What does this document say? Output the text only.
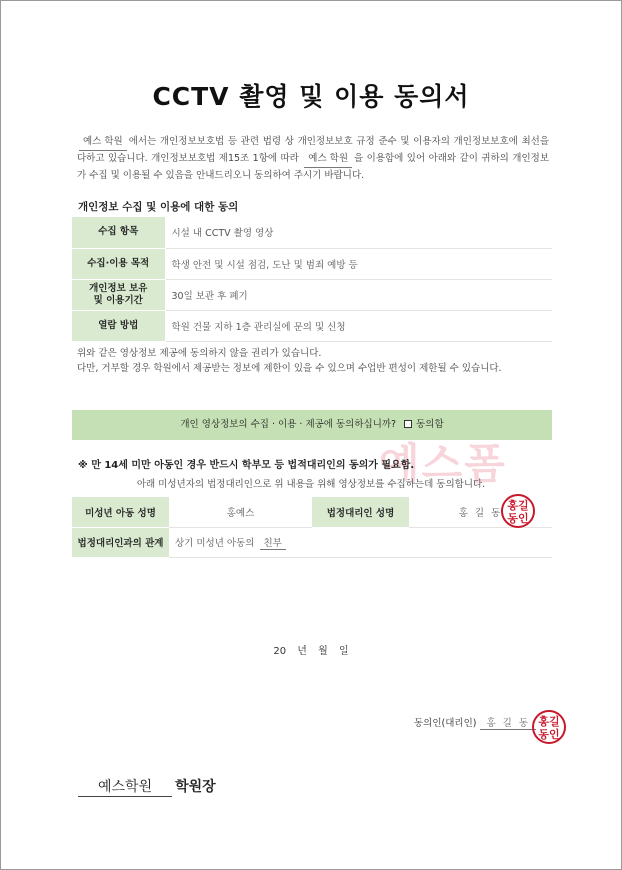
CCTV 촬영 및 이용 동의서
예스 학원 에서는 개인정보보호법 등 관련 법령 상 개인정보보호 규정 준수 및 이용자의 개인정보보호에 최선을 다하고 있습니다. 개인정보보호법 제15조 1항에 따라 예스 학원 을 이용함에 있어 아래와 같이 귀하의 개인정보가 수집 및 이용될 수 있음을 안내드리오니 동의하여 주시기 바랍니다.
개인정보 수집 및 이용에 대한 동의
수집 항목	시설 내 CCTV 촬영 영상
수집·이용 목적	학생 안전 및 시설 점검, 도난 및 범죄 예방 등
개인정보 보유
및 이용기간	30일 보관 후 폐기
열람 방법	학원 건물 지하 1층 관리실에 문의 및 신청
위와 같은 영상정보 제공에 동의하지 않을 권리가 있습니다.
다만, 거부할 경우 학원에서 제공받는 정보에 제한이 있을 수 있으며 수업반 편성이 제한될 수 있습니다.
개인 영상정보의 수집 · 이용 · 제공에 동의하십니까? 동의함
예스폼
※ 만 14세 미만 아동인 경우 반드시 학부모 등 법적대리인의 동의가 필요함.
아래 미성년자의 법정대리인으로 위 내용을 위해 영상정보를 수집하는데 동의합니다.
미성년 아동 성명	홍예스	법정대리인 성명	홍 길 동
법정대리인과의 관계	상기 미성년 아동의 친부		
홍길
동인
20 년 월 일
동의인(대리인) 홍 길 동 홍길
동인
예스학원 학원장
